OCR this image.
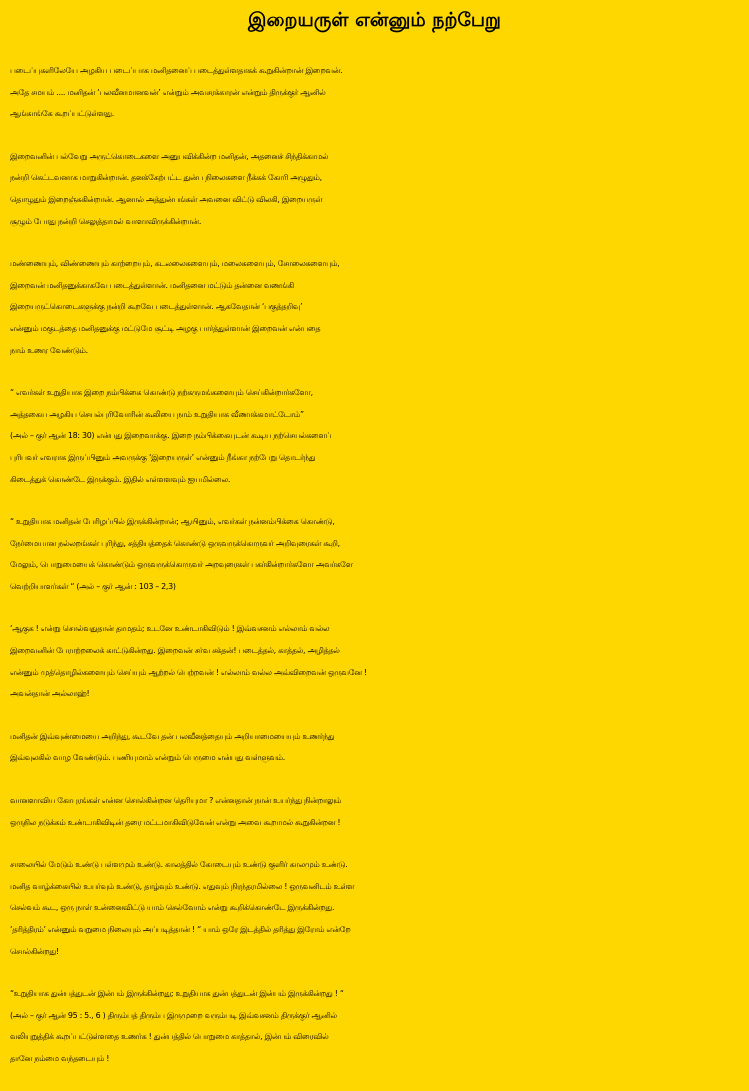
இறையருள் என்னும் நற்பேறு

படைப்புகளிலேயே அழகிய படைப்பாக மனிதனைப் படைத்துள்ளதாகக் கூறுகின்றான் இறைவன்.
அதே சமயம் .... மனிதன் ‘பலவீனமானவன்’ என்றும் அவசரக்காரன் என்றும் திருக்குர் ஆனில்
ஆங்காங்கே கூறப்பட்டுள்ளது.

இறைவனின் பல்வேறு அருட்கொடைகளை அனுபவிக்கின்ற மனிதன், அதனைச் சிந்திக்காமல்
நன்றி கெட்டவனாக மாறுகின்றான். தனக்கேற்பட்ட துன்ப நிலைகளை நீக்கக் கோரி அழுதும்,
தொழுதும் இறைஞ்சுகின்றான். ஆனால் அத்துன்பங்கள் அவனை விட்டு விலகி, இறையருள்
சூழும் போது நன்றி செலுத்தாமல் வாளாவிருக்கின்றான்.

மண்ணையும், விண்ணையும் காற்றையும், கடலலைகளையும், மலைகளையும், சோலைகளையும்,
இறைவன் மனிதனுக்காகவே படைத்துள்ளான். மனிதனை மட்டும் தன்னை வணங்கி
இறையருட்கொடைகளுக்கு நன்றி கூறவே படைத்துள்ளான். ஆகவேதான் ‘பகுத்தறிவு’
என்னும் மகுடத்தை மனிதனுக்கு மட்டுமே சூட்டி அழகு பார்த்துள்ளான் இறைவன் என்பதை
நாம் உணர வேண்டும்.

“ எவர்கள் உறுதியாக இறை நம்பிக்கை கொண்டு நற்கருமங்களையும் செய்கின்றார்களோ,
அத்தகைய அழகிய செயல்புரிவோரின் கூலியை நாம் உறுதியாக வீணாக்கமாட்டோம்”
(அல் – குர் ஆன் 18: 30) என்பது இறைவாக்கு. இறை நம்பிக்கையுடன் கூடிய நற்செயல்களைப்
புரிபவர் எவராக இருப்பினும் அவருக்கு ‘இறையருள்’ என்னும் நீங்கா நற்பேறு தொடர்ந்து
கிடைத்துக் கொண்டே இருக்கும். இதில் எள்ளளவும் ஐயமில்லை.

“ உறுதியாக மனிதன் பேரிழப்பில் இருக்கின்றான்; ஆயினும், எவர்கள் நன்னம்பிக்கை கொண்டு,
நேர்மையான நல்லறங்கள் புரிந்து, சத்தியத்தைக் கொண்டு ஒருவருக்கொருவர் அறிவுரைகள் கூறி,
மேலும், பொறுமையைக் கொண்டும் ஒருவருக்கொருவர் அறவுரைகள் பகர்கின்றார்களோ அவர்களே
வெற்றியாளர்கள் “ (அல் – குர் ஆன் : 103 – 2,3)

‘ஆகுக ! என்று சொல்வதுதான் தாமதம்; உடனே உண்டாகிவிடும் ! இவ்வசனம் எல்லாம் வல்ல
இறைவனின் பேராற்றலைக் காட்டுகின்றது. இறைவன் சர்வ சக்தன்! படைத்தல், காத்தல், அழித்தல்
என்னும் முத்தொழில்களையும் செய்யும் ஆற்றல் பெற்றவன் ! எல்லாம் வல்ல அவ்விறைவன் ஒருவனே !
அவன்தான் அல்லாஹ்!

மனிதன் இவ்வுண்மையை அறிந்து, கூடவே தன் பலவீனத்தையும் அறியாமையையும் உணர்ந்து
இவ்வுலகில் வாழ வேண்டும். பணியுமாம் என்றும் பெருமை என்பது வள்ளுவம்.

வானளாவிய கோபுரங்கள் என்ன சொல்கின்றன தெரியுமா ? என்னதான் நான் உயர்ந்து நின்றாலும்
ஒருநில நடுக்கம் உண்டாகிவிடின் தரை மட்டமாகிவிடுவேன் என்று அவை கூறாமல் கூறுகின்றன !

சாலையில் மேடும் உண்டு பள்ளமும் உண்டு. காலத்தில் கோடையும் உண்டு குளிர் காலமும் உண்டு.
மனித வாழ்க்கையில் உயர்வும் உண்டு, தாழ்வும் உண்டு. எதுவும் நிரந்தரமில்லை ! ஒருவனிடம் உள்ள
செல்வம் கூட, ஒரு நாள் உன்னைவிட்டு யாம் செல்வோம் என்று கூறிக்கொண்டே இருக்கின்றது.
‘தரித்திரம்’ என்னும் வறுமை நிலையும் அப்படித்தான் ! “ யாம் ஒரே இடத்தில் தரித்து இரோம் என்றே
சொல்கின்றது!

“உறுதியாக துன்பத்துடன் இன்பம் இருக்கின்றது; உறுதியாக துன்பத்துடன் இன்பம் இருக்கின்றது ! “
(அல் – குர் ஆன் 95 : 5., 6 ) திரும்பத் திரும்ப இருமுறை வரும்படி இவ்வசனம் திருக்குர் ஆனில்
வலியுறுத்திக் கூறப்பட்டுள்ளதை உணர்க ! துன்பத்தில் பொறுமை காத்தால், இன்பம் விரைவில்
தானே நம்மை வந்தடையும் !
